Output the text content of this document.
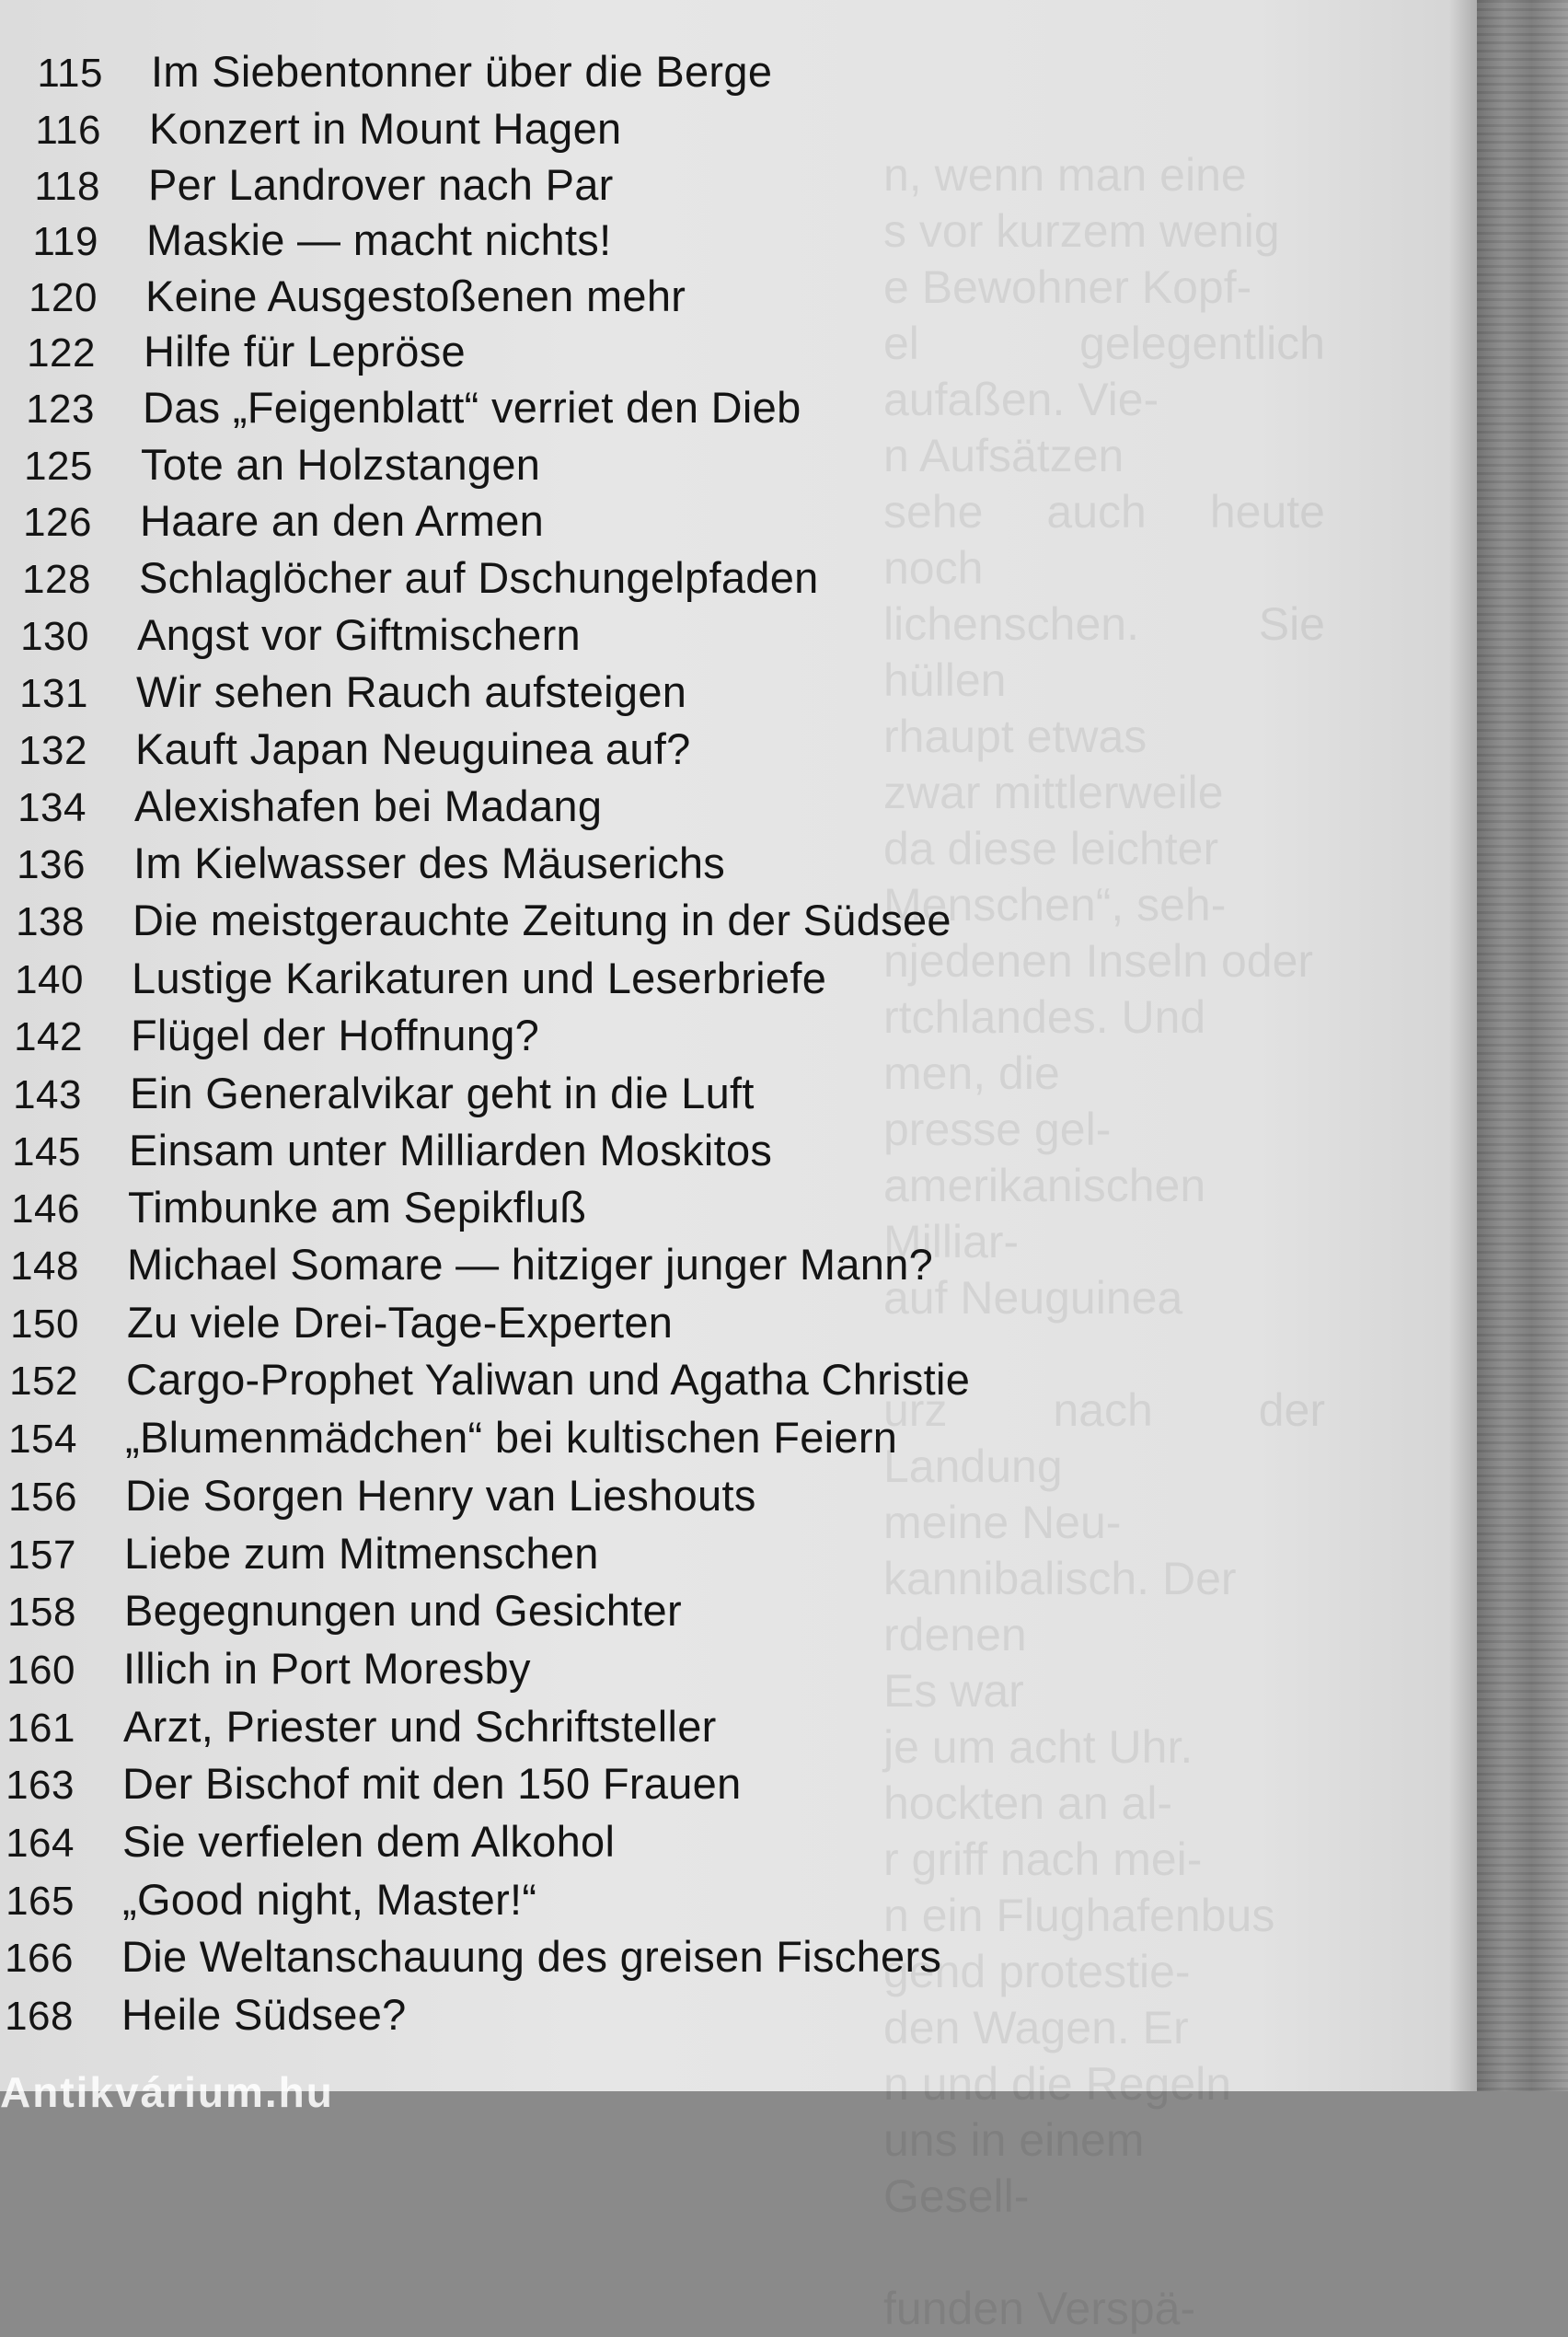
n, wenn man eine
s vor kurzem wenig
e Bewohner Kopf-
el gelegentlich aufaßen. Vie-
n Aufsätzen
sehe auch heute noch
lichenschen. Sie hüllen
rhaupt etwas
zwar mittlerweile
da diese leichter
Menschen“, seh-
njedenen Inseln oder
rtchlandes. Und
men, die
presse gel-
amerikanischen Milliar-
auf Neuguinea

urz nach der Landung
meine Neu-
kannibalisch. Der
rdenen
Es war
je um acht Uhr.
hockten an al-
r griff nach mei-
n ein Flughafenbus
gend protestie-
den Wagen. Er
n und die Regeln
uns in einem
Gesell-

funden Verspä-
115 Im Siebentonner über die Berge
116 Konzert in Mount Hagen
118 Per Landrover nach Par
119 Maskie — macht nichts!
120 Keine Ausgestoßenen mehr
122 Hilfe für Lepröse
123 Das „Feigenblatt“ verriet den Dieb
125 Tote an Holzstangen
126 Haare an den Armen
128 Schlaglöcher auf Dschungelpfaden
130 Angst vor Giftmischern
131 Wir sehen Rauch aufsteigen
132 Kauft Japan Neuguinea auf?
134 Alexishafen bei Madang
136 Im Kielwasser des Mäuserichs
138 Die meistgerauchte Zeitung in der Südsee
140 Lustige Karikaturen und Leserbriefe
142 Flügel der Hoffnung?
143 Ein Generalvikar geht in die Luft
145 Einsam unter Milliarden Moskitos
146 Timbunke am Sepikfluß
148 Michael Somare — hitziger junger Mann?
150 Zu viele Drei-Tage-Experten
152 Cargo-Prophet Yaliwan und Agatha Christie
154 „Blumenmädchen“ bei kultischen Feiern
156 Die Sorgen Henry van Lieshouts
157 Liebe zum Mitmenschen
158 Begegnungen und Gesichter
160 Illich in Port Moresby
161 Arzt, Priester und Schriftsteller
163 Der Bischof mit den 150 Frauen
164 Sie verfielen dem Alkohol
165 „Good night, Master!“
166 Die Weltanschauung des greisen Fischers
168 Heile Südsee?
Antikvárium.hu
